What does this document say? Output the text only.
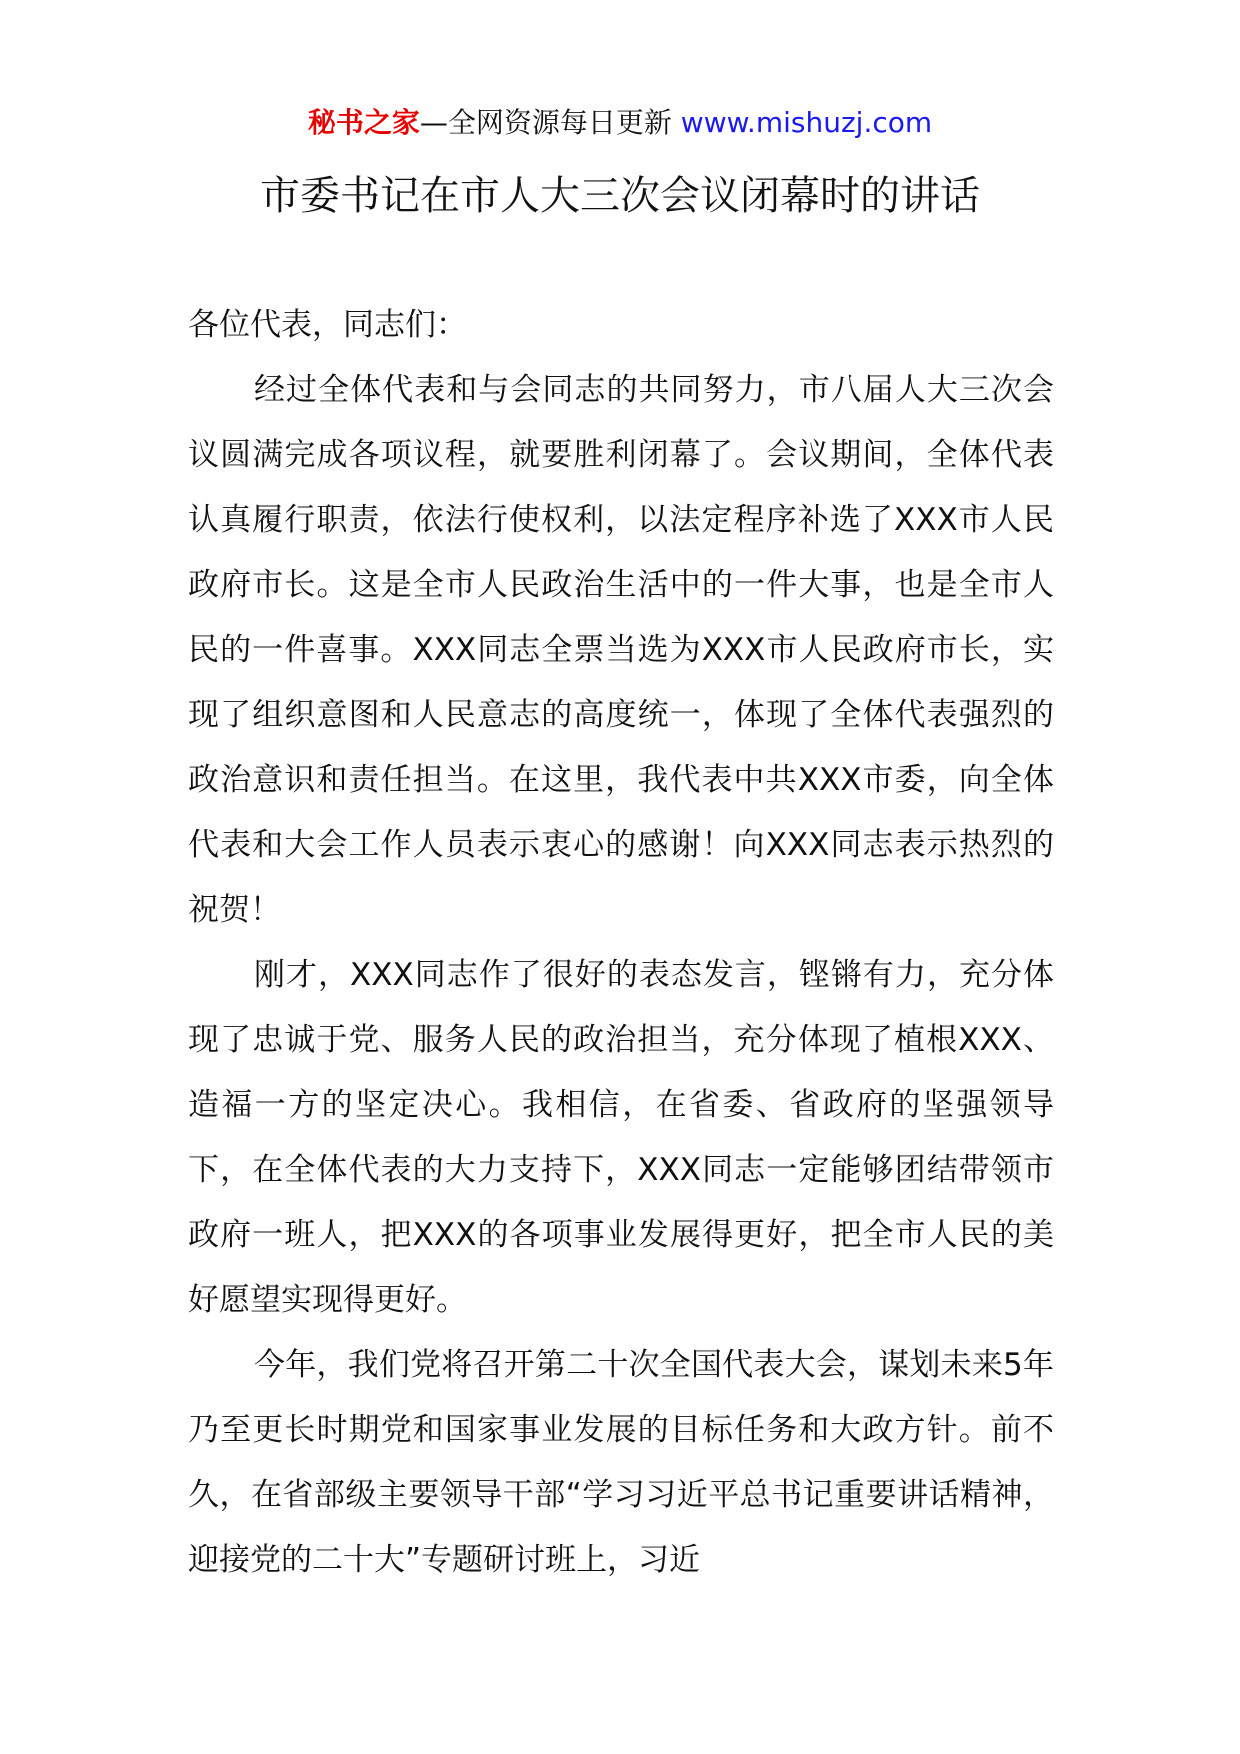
秘书之家—全网资源每日更新 www.mishuzj.com
市委书记在市人大三次会议闭幕时的讲话

各位代表，同志们：

经过全体代表和与会同志的共同努力，市八届人大三次会议圆满完成各项议程，就要胜利闭幕了。会议期间，全体代表认真履行职责，依法行使权利，以法定程序补选了XXX市人民政府市长。这是全市人民政治生活中的一件大事，也是全市人民的一件喜事。XXX同志全票当选为XXX市人民政府市长，实现了组织意图和人民意志的高度统一，体现了全体代表强烈的政治意识和责任担当。在这里，我代表中共XXX市委，向全体代表和大会工作人员表示衷心的感谢！向XXX同志表示热烈的祝贺！

刚才，XXX同志作了很好的表态发言，铿锵有力，充分体现了忠诚于党、服务人民的政治担当，充分体现了植根XXX、造福一方的坚定决心。我相信，在省委、省政府的坚强领导下，在全体代表的大力支持下，XXX同志一定能够团结带领市政府一班人，把XXX的各项事业发展得更好，把全市人民的美好愿望实现得更好。

今年，我们党将召开第二十次全国代表大会，谋划未来5年乃至更长时期党和国家事业发展的目标任务和大政方针。前不久，在省部级主要领导干部“学习习近平总书记重要讲话精神，迎接党的二十大”专题研讨班上，习近
